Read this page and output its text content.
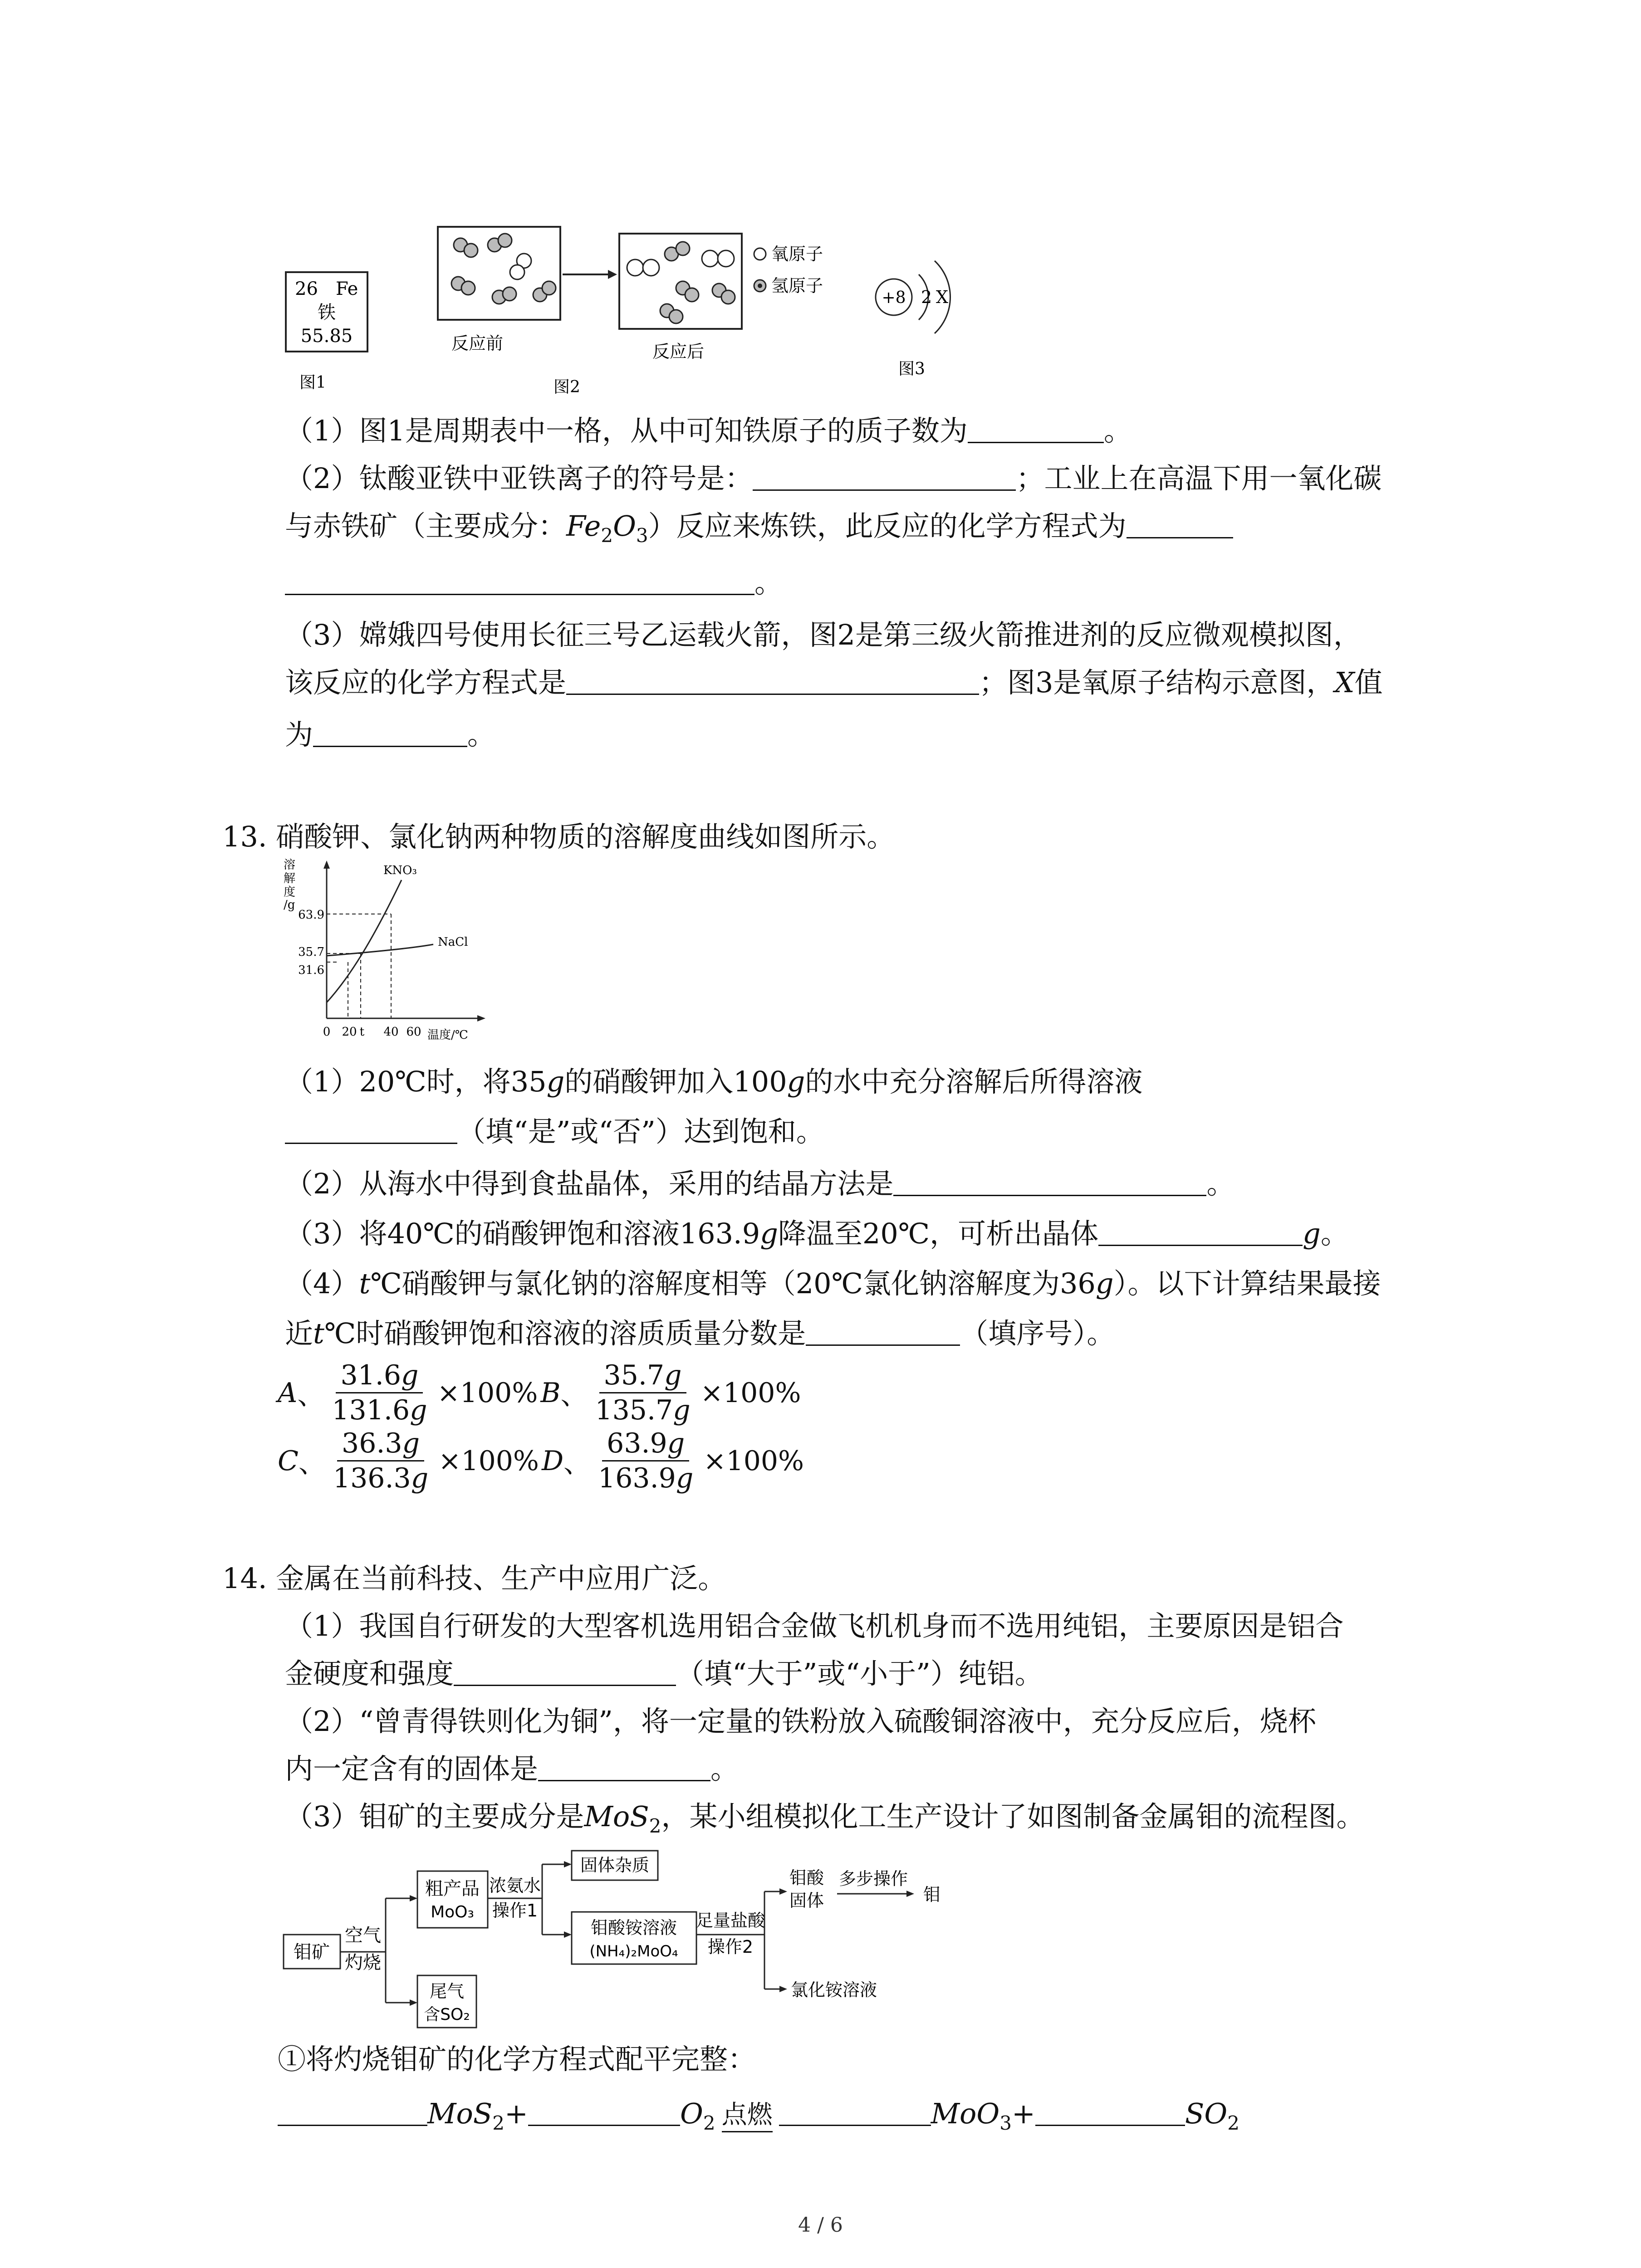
26 Fe
铁
55.85
图1
反应前	反应后
图2
氧原子
氢原子
+8 2 X
图3
（1）图1是周期表中一格，从中可知铁原子的质子数为	。
（2）钛酸亚铁中亚铁离子的符号是：	；工业上在高温下用一氧化碳
与赤铁矿（主要成分：$Fe_2O_3$）反应来炼铁，此反应的化学方程式为
。
（3）嫦娥四号使用长征三号乙运载火箭，图2是第三级火箭推进剂的反应微观模拟图，
该反应的化学方程式是	；图3是氧原子结构示意图，X值
为	。
13. 硝酸钾、氯化钠两种物质的溶解度曲线如图所示。
溶
解
度
/g
63.9
35.7
31.6
0 20 t 40 60 温度/℃
KNO₃
NaCl
（1）20℃时，将35g的硝酸钾加入100g的水中充分溶解后所得溶液
（填“是”或“否”）达到饱和。
（2）从海水中得到食盐晶体，采用的结晶方法是	。
（3）将40℃的硝酸钾饱和溶液163.9g降温至20℃，可析出晶体	g。
（4）t℃硝酸钾与氯化钠的溶解度相等（20℃氯化钠溶解度为36g）。以下计算结果最接
近t℃时硝酸钾饱和溶液的溶质质量分数是	（填序号）。
A 、 $\frac{31.6g}{131.6g} \times 100\%$ B 、 $\frac{35.7g}{135.7g} \times 100\%$
C 、 $\frac{36.3g}{136.3g} \times 100\%$ D 、 $\frac{63.9g}{163.9g} \times 100\%$
14. 金属在当前科技、生产中应用广泛。
（1）我国自行研发的大型客机选用铝合金做飞机机身而不选用纯铝，主要原因是铝合
金硬度和强度	（填“大于”或“小于”）纯铝。
（2）“曾青得铁则化为铜”，将一定量的铁粉放入硫酸铜溶液中，充分反应后，烧杯
内一定含有的固体是	。
（3）钼矿的主要成分是MoS$_2$，某小组模拟化工生产设计了如图制备金属钼的流程图。
钼矿
空气
灼烧
粗产品
MoO₃
尾气
含SO₂
浓氨水
操作1
固体杂质
钼酸铵溶液
(NH₄)₂MoO₄
足量盐酸
操作2
钼酸
固体
多步操作
钼
氯化铵溶液
①将灼烧钼矿的化学方程式配平完整：
MoS$_2$+	$O_2$ 点燃	MoO$_3$+	$SO_2$
4 / 6
